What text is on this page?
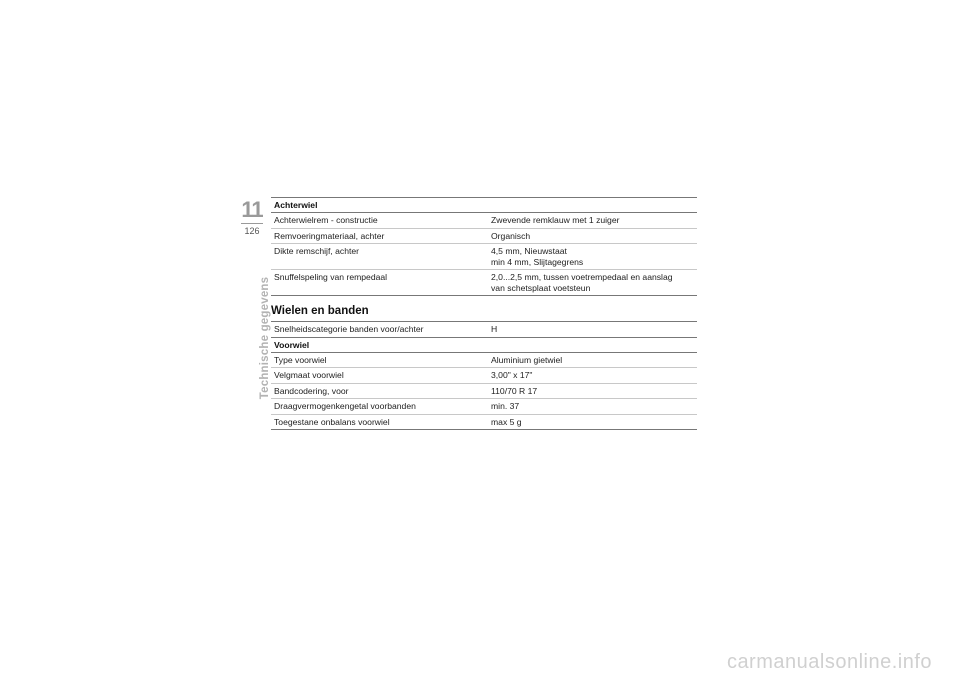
11
126
Technische gegevens
Achterwiel
Achterwielrem - constructie	Zwevende remklauw met 1 zuiger
Remvoeringmateriaal, achter	Organisch
Dikte remschijf, achter	4,5 mm, Nieuwstaat
min 4 mm, Slijtagegrens
Snuffelspeling van rempedaal	2,0...2,5 mm, tussen voetrempedaal en aanslag
van schetsplaat voetsteun
Wielen en banden
Snelheidscategorie banden voor/achter	H
Voorwiel
Type voorwiel	Aluminium gietwiel
Velgmaat voorwiel	3,00" x 17"
Bandcodering, voor	110/70 R 17
Draagvermogenkengetal voorbanden	min. 37
Toegestane onbalans voorwiel	max 5 g
carmanualsonline.info
